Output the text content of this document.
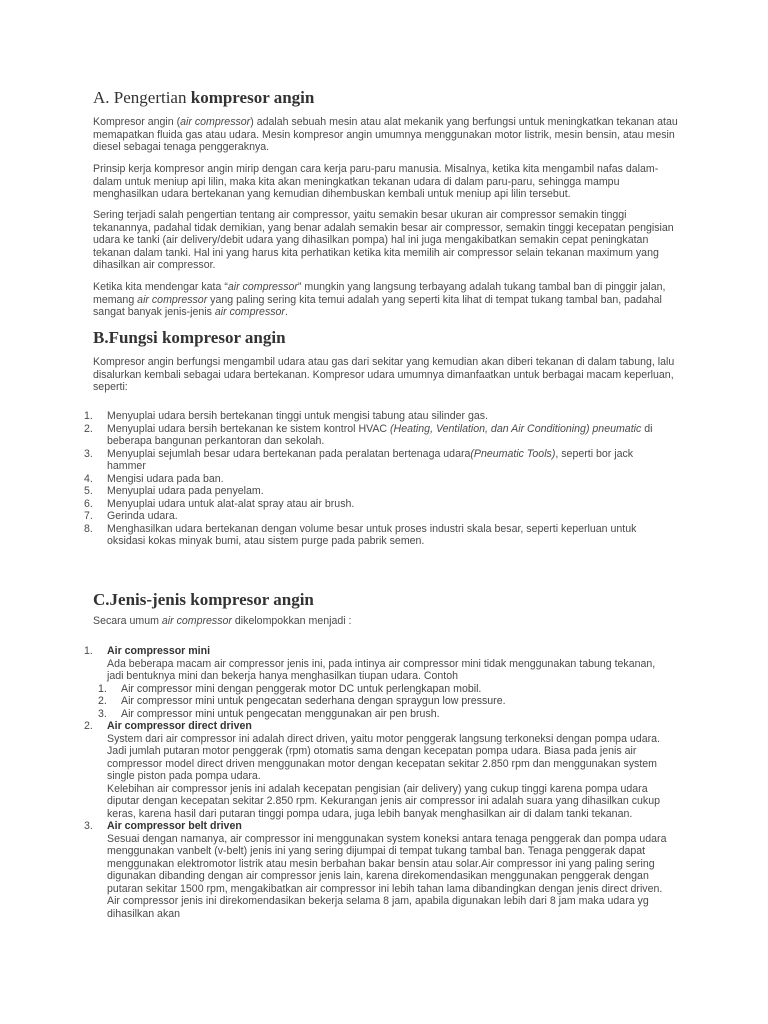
A. Pengertian kompresor angin

Kompresor angin (air compressor) adalah sebuah mesin atau alat mekanik yang berfungsi untuk meningkatkan tekanan atau memapatkan fluida gas atau udara. Mesin kompresor angin umumnya menggunakan motor listrik, mesin bensin, atau mesin diesel sebagai tenaga penggeraknya.

Prinsip kerja kompresor angin mirip dengan cara kerja paru-paru manusia. Misalnya, ketika kita mengambil nafas dalam-dalam untuk meniup api lilin, maka kita akan meningkatkan tekanan udara di dalam paru-paru, sehingga mampu menghasilkan udara bertekanan yang kemudian dihembuskan kembali untuk meniup api lilin tersebut.

Sering terjadi salah pengertian tentang air compressor, yaitu semakin besar ukuran air compressor semakin tinggi tekanannya, padahal tidak demikian, yang benar adalah semakin besar air compressor, semakin tinggi kecepatan pengisian udara ke tanki (air delivery/debit udara yang dihasilkan pompa) hal ini juga mengakibatkan semakin cepat peningkatan tekanan dalam tanki. Hal ini yang harus kita perhatikan ketika kita memilih air compressor selain tekanan maximum yang dihasilkan air compressor.

Ketika kita mendengar kata “air compressor” mungkin yang langsung terbayang adalah tukang tambal ban di pinggir jalan, memang air compressor yang paling sering kita temui adalah yang seperti kita lihat di tempat tukang tambal ban, padahal sangat banyak jenis-jenis air compressor.

B.Fungsi kompresor angin

Kompresor angin berfungsi mengambil udara atau gas dari sekitar yang kemudian akan diberi tekanan di dalam tabung, lalu disalurkan kembali sebagai udara bertekanan. Kompresor udara umumnya dimanfaatkan untuk berbagai macam keperluan, seperti:

1. Menyuplai udara bersih bertekanan tinggi untuk mengisi tabung atau silinder gas.
2. Menyuplai udara bersih bertekanan ke sistem kontrol HVAC (Heating, Ventilation, dan Air Conditioning) pneumatic di beberapa bangunan perkantoran dan sekolah.
3. Menyuplai sejumlah besar udara bertekanan pada peralatan bertenaga udara(Pneumatic Tools), seperti bor jack hammer
4. Mengisi udara pada ban.
5. Menyuplai udara pada penyelam.
6. Menyuplai udara untuk alat-alat spray atau air brush.
7. Gerinda udara.
8. Menghasilkan udara bertekanan dengan volume besar untuk proses industri skala besar, seperti keperluan untuk oksidasi kokas minyak bumi, atau sistem purge pada pabrik semen.
C.Jenis-jenis kompresor angin

Secara umum air compressor dikelompokkan menjadi :

1. Air compressor mini
Ada beberapa macam air compressor jenis ini, pada intinya air compressor mini tidak menggunakan tabung tekanan, jadi bentuknya mini dan bekerja hanya menghasilkan tiupan udara. Contoh
1. Air compressor mini dengan penggerak motor DC untuk perlengkapan mobil.
2. Air compressor mini untuk pengecatan sederhana dengan spraygun low pressure.
3. Air compressor mini untuk pengecatan menggunakan air pen brush.
2. Air compressor direct driven
System dari air compressor ini adalah direct driven, yaitu motor penggerak langsung terkoneksi dengan pompa udara. Jadi jumlah putaran motor penggerak (rpm) otomatis sama dengan kecepatan pompa udara. Biasa pada jenis air compressor model direct driven menggunakan motor dengan kecepatan sekitar 2.850 rpm dan menggunakan system single piston pada pompa udara.
Kelebihan air compressor jenis ini adalah kecepatan pengisian (air delivery) yang cukup tinggi karena pompa udara diputar dengan kecepatan sekitar 2.850 rpm. Kekurangan jenis air compressor ini adalah suara yang dihasilkan cukup keras, karena hasil dari putaran tinggi pompa udara, juga lebih banyak menghasilkan air di dalam tanki tekanan.
3. Air compressor belt driven
Sesuai dengan namanya, air compressor ini menggunakan system koneksi antara tenaga penggerak dan pompa udara menggunakan vanbelt (v-belt) jenis ini yang sering dijumpai di tempat tukang tambal ban. Tenaga penggerak dapat menggunakan elektromotor listrik atau mesin berbahan bakar bensin atau solar.Air compressor ini yang paling sering digunakan dibanding dengan air compressor jenis lain, karena direkomendasikan menggunakan penggerak dengan putaran sekitar 1500 rpm, mengakibatkan air compressor ini lebih tahan lama dibandingkan dengan jenis direct driven. Air compressor jenis ini direkomendasikan bekerja selama 8 jam, apabila digunakan lebih dari 8 jam maka udara yg dihasilkan akan
